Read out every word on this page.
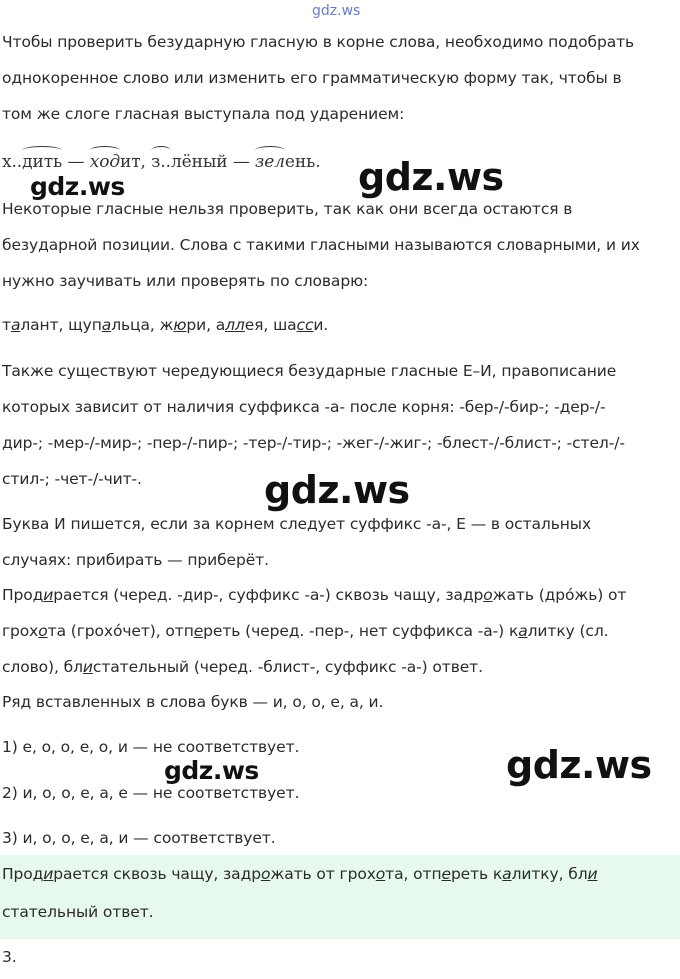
gdz.ws

Чтобы проверить безударную гласную в корне слова, необходимо подобрать

однокоренное слово или изменить его грамматическую форму так, чтобы в

том же слоге гласная выступала под ударением:

х..дить — ходит, з..лёный — зелень.

Некоторые гласные нельзя проверить, так как они всегда остаются в

безударной позиции. Слова с такими гласными называются словарными, и их

нужно заучивать или проверять по словарю:

талант, щупальца, жюри, аллея, шасси.

Также существуют чередующиеся безударные гласные Е–И, правописание

которых зависит от наличия суффикса -а- после корня: -бер-/-бир-; -дер-/-

дир-; -мер-/-мир-; -пер-/-пир-; -тер-/-тир-; -жег-/-жиг-; -блест-/-блист-; -стел-/-

стил-; -чет-/-чит-.

Буква И пишется, если за корнем следует суффикс -а-, Е — в остальных

случаях: прибирать — приберёт.

Продирается (черед. -дир-, суффикс -а-) сквозь чащу, задрожать (дро́жь) от

грохота (грохо́чет), отпереть (черед. -пер-, нет суффикса -а-) калитку (сл.

слово), блистательный (черед. -блист-, суффикс -а-) ответ.

Ряд вставленных в слова букв — и, о, о, е, а, и.

1) е, о, о, е, о, и — не соответствует.

2) и, о, о, е, а, е — не соответствует.

3) и, о, о, е, а, и — соответствует.

Продирается сквозь чащу, задрожать от грохота, отпереть калитку, бли

стательный ответ.

3.

gdz.ws	gdz.ws
gdz.ws
gdz.ws	gdz.ws
